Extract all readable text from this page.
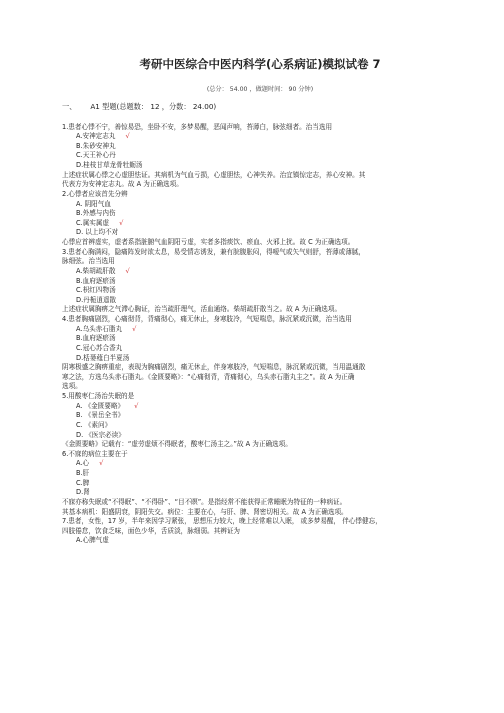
考研中医综合中医内科学(心系病证)模拟试卷 7
(总分： 54.00 ，做题时间： 90 分钟)
一、 A1 型题(总题数： 12 ，分数： 24.00)
1.患者心悸不宁，善惊易恐，坐卧不安，多梦易醒，恶闻声响，苔薄白，脉弦细者。治当选用
A.安神定志丸 √
B.朱砂安神丸
C.天王补心丹
D.桂枝甘草龙骨牡蛎汤
上述症状属心悸之心虚胆怯证。其病机为气血亏损，心虚胆怯，心神失养。治宜镇惊定志，养心安神。其
代表方为安神定志丸。故 A 为正确选项。
2.心悸者应该首先分辨
A. 阴阳气血
B.外感与内伤
C.属实属虚 √
D. 以上均不对
心悸应首辨虚实，虚者系指脏腑气血阴阳亏虚，实者多指痰饮、瘀血、火邪上扰。故 C 为正确选项。
3.患者心胸满闷，隐痛阵发时欲太息，易受情志诱发，兼有脘腹胀闷，得嗳气或矢气则舒，苔薄或薄腻，
脉细弦。治当选用
A.柴胡疏肝散 √
B.血府逐瘀汤
C.枳红四物汤
D.丹栀逍遥散
上述症状属胸痹之气滞心胸证，治当疏肝理气，活血通络。柴胡疏肝散当之。故 A 为正确选项。
4.患者胸痛剧烈，心痛彻背，背痛彻心，痛无休止，身寒肢冷，气短喘息，脉沉紧或沉微，治当选用
A.乌头赤石脂丸 √
B.血府逐瘀汤
C.冠心苏合香丸
D.栝蒌薤白半夏汤
阴寒极盛之胸痹重症，表现为胸痛剧烈，痛无休止，伴身寒肢冷，气短喘息，脉沉紧或沉微，当用温通散
寒之法，方选乌头赤石脂丸。《金匮要略》：“心痛彻背，背痛彻心，乌头赤石脂丸主之”。故 A 为正确
选项。
5.用酸枣仁汤治失眠的是
A. 《金匮要略》 √
B. 《景岳全书》
C. 《素问》
D. 《医宗必读》
《金匮要略》记载有：“虚劳虚烦不得眠者，酸枣仁汤主之。”故 A 为正确选项。
6.不寐的病位主要在于
A.心 √
B.肝
C.脾
D.肾
不寐亦称失眠或“不得眠”、“不得卧”、“目不瞑”。是指经常不能获得正常睡眠为特征的一种病证。
其基本病机：阳盛阴衰，阴阳失交。病位：主要在心，与肝、脾、肾密切相关。故 A 为正确选项。
7.患者，女性，17 岁，半年来因学习紧张， 思想压力较大，晚上经常难以入眠， 或多梦易醒， 伴心悸健忘，
四肢倦怠，饮食乏味，面色少华，舌质淡，脉细弱。其辨证为
A.心脾气虚
